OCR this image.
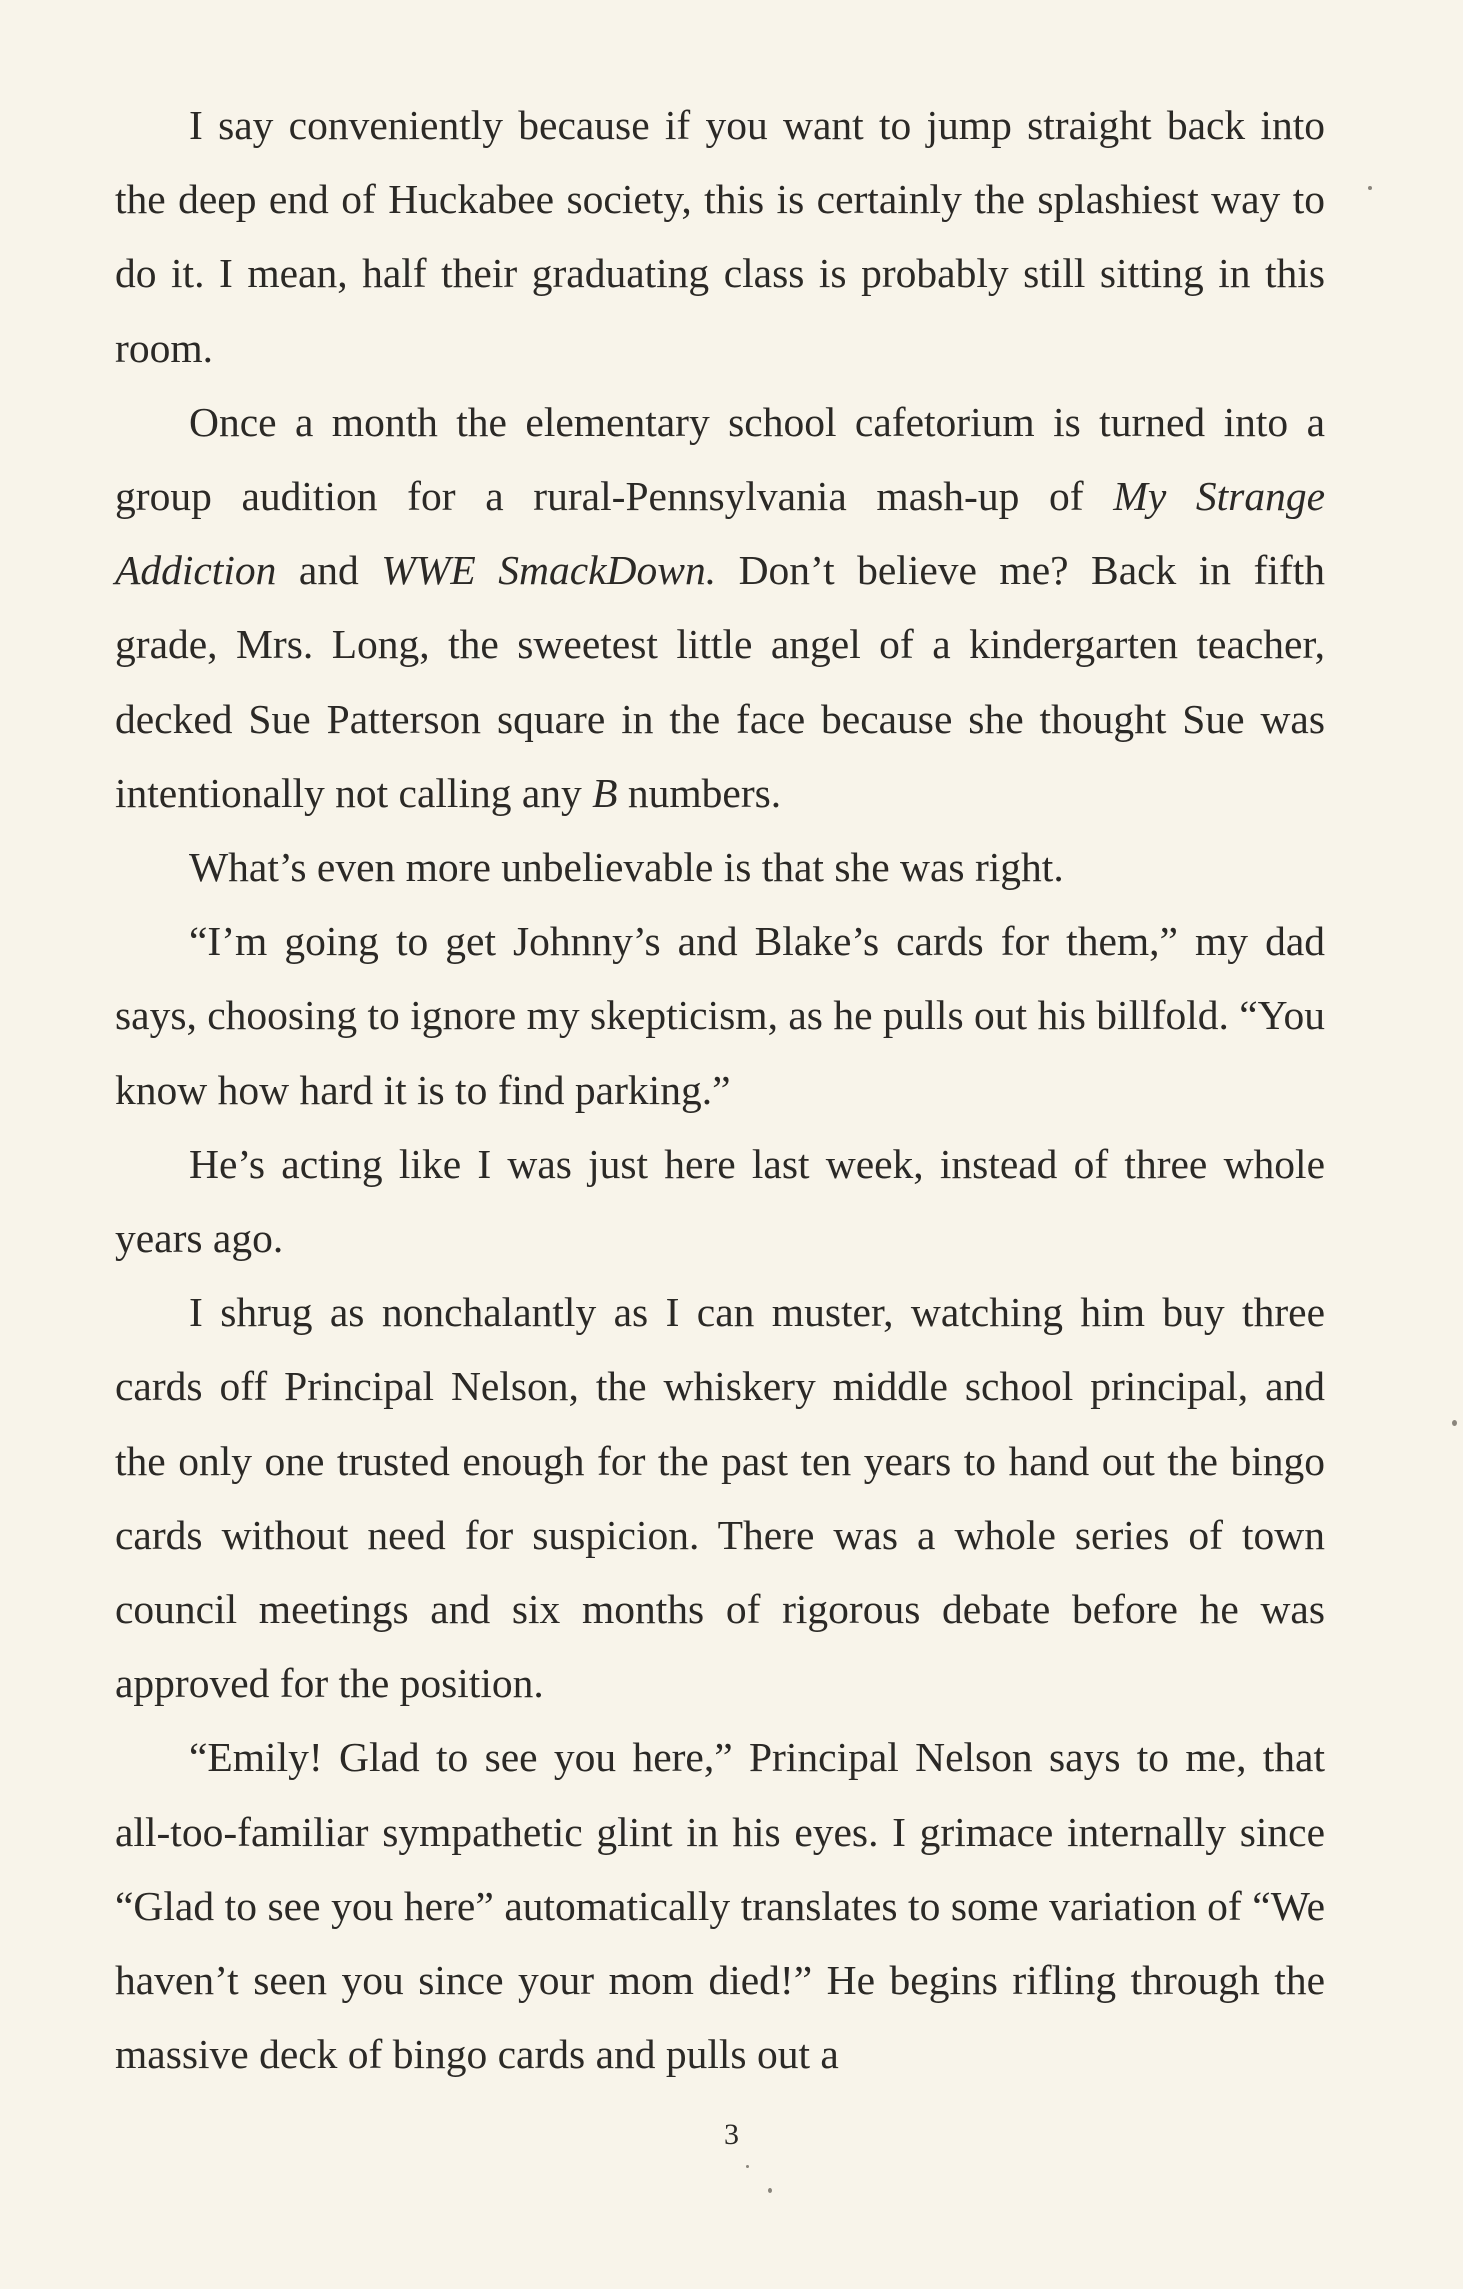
I say conveniently because if you want to jump straight back into the deep end of Huckabee society, this is certainly the splashiest way to do it. I mean, half their graduating class is probably still sitting in this room.

Once a month the elementary school cafetorium is turned into a group audition for a rural-Pennsylvania mash-up of My Strange Addiction and WWE SmackDown. Don’t believe me? Back in fifth grade, Mrs. Long, the sweetest little angel of a kindergarten teacher, decked Sue Patterson square in the face because she thought Sue was intentionally not calling any B numbers.

What’s even more unbelievable is that she was right.

“I’m going to get Johnny’s and Blake’s cards for them,” my dad says, choosing to ignore my skepticism, as he pulls out his billfold. “You know how hard it is to find parking.”

He’s acting like I was just here last week, instead of three whole years ago.

I shrug as nonchalantly as I can muster, watching him buy three cards off Principal Nelson, the whiskery middle school principal, and the only one trusted enough for the past ten years to hand out the bingo cards without need for suspicion. There was a whole series of town council meetings and six months of rigorous debate before he was approved for the position.

“Emily! Glad to see you here,” Principal Nelson says to me, that all-too-familiar sympathetic glint in his eyes. I grimace internally since “Glad to see you here” automatically translates to some variation of “We haven’t seen you since your mom died!” He begins rifling through the massive deck of bingo cards and pulls out a

3
